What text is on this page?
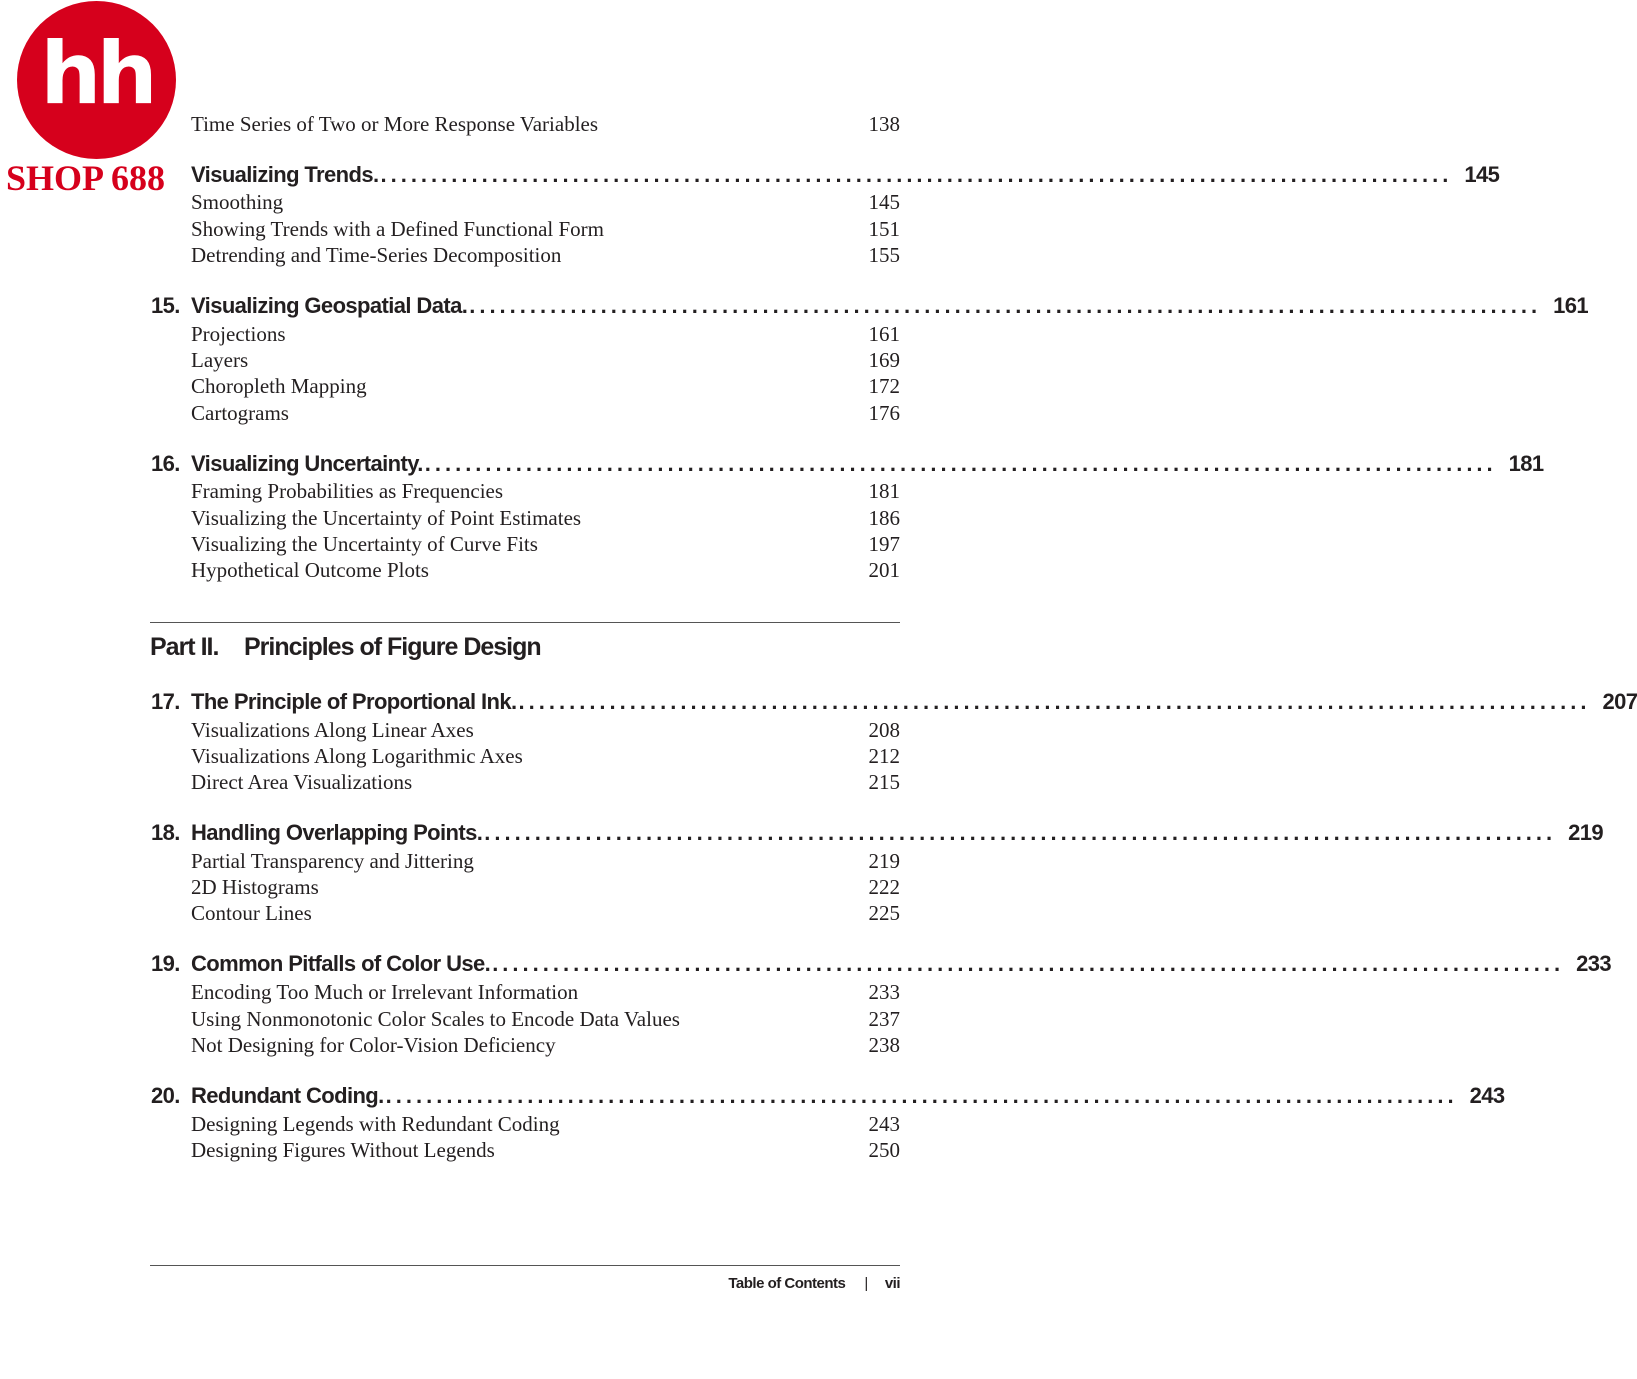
hh
SHOP 688
Time Series of Two or More Response Variables	138
Visualizing Trends. .......................................................................................................... 145
Smoothing	145
Showing Trends with a Defined Functional Form	151
Detrending and Time-Series Decomposition	155
15. Visualizing Geospatial Data. .......................................................................................................... 161
Projections	161
Layers	169
Choropleth Mapping	172
Cartograms	176
16. Visualizing Uncertainty. .......................................................................................................... 181
Framing Probabilities as Frequencies	181
Visualizing the Uncertainty of Point Estimates	186
Visualizing the Uncertainty of Curve Fits	197
Hypothetical Outcome Plots	201
Part II. Principles of Figure Design
17. The Principle of Proportional Ink. .......................................................................................................... 207
Visualizations Along Linear Axes	208
Visualizations Along Logarithmic Axes	212
Direct Area Visualizations	215
18. Handling Overlapping Points. .......................................................................................................... 219
Partial Transparency and Jittering	219
2D Histograms	222
Contour Lines	225
19. Common Pitfalls of Color Use. .......................................................................................................... 233
Encoding Too Much or Irrelevant Information	233
Using Nonmonotonic Color Scales to Encode Data Values	237
Not Designing for Color-Vision Deficiency	238
20. Redundant Coding. .......................................................................................................... 243
Designing Legends with Redundant Coding	243
Designing Figures Without Legends	250
Table of Contents | vii
